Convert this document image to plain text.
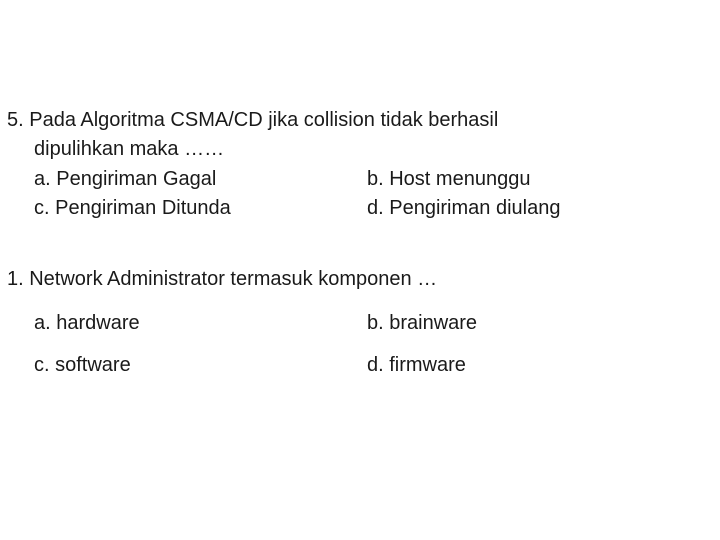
5. Pada Algoritma CSMA/CD jika collision tidak berhasil
dipulihkan maka ……
a. Pengiriman Gagal	b. Host menunggu
c. Pengiriman Ditunda	d. Pengiriman diulang
1. Network Administrator termasuk komponen …
a. hardware	b. brainware
c. software	d. firmware
